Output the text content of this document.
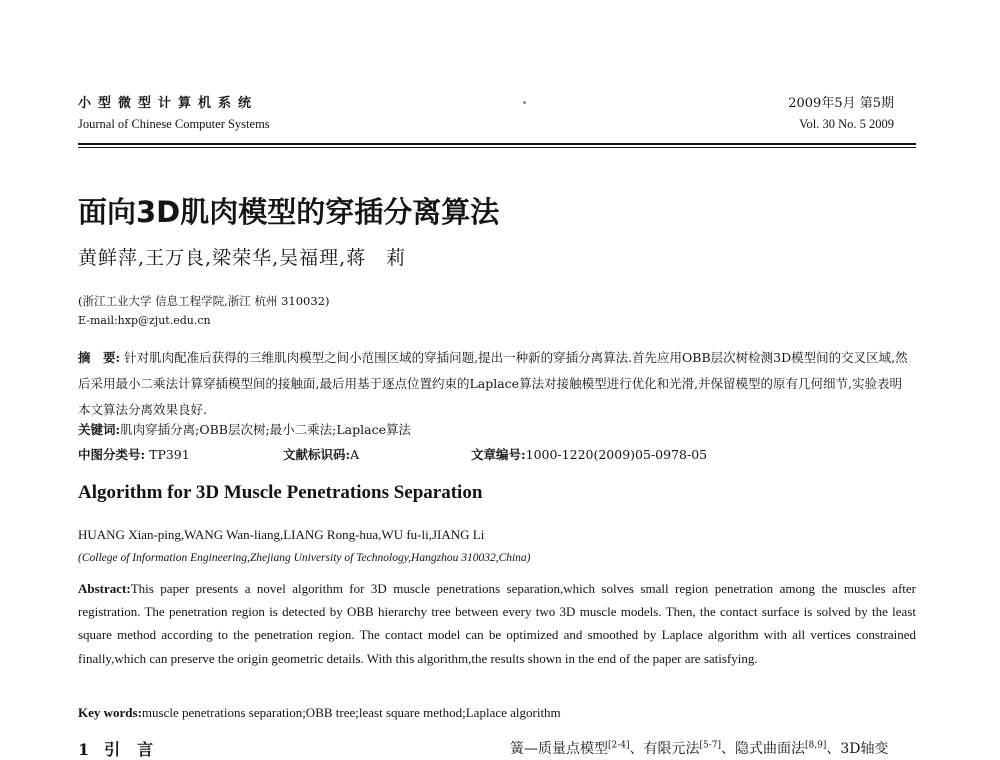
小型微型计算机系统
Journal of Chinese Computer Systems
2009年5月 第5期
Vol. 30 No. 5 2009
面向3D肌肉模型的穿插分离算法
黄鲜萍,王万良,梁荣华,吴福理,蒋　莉
(浙江工业大学 信息工程学院,浙江 杭州 310032)
E-mail:hxp@zjut.edu.cn
摘　要: 针对肌肉配准后获得的三维肌肉模型之间小范围区域的穿插问题,提出一种新的穿插分离算法.首先应用OBB层次树检测3D模型间的交叉区域,然后采用最小二乘法计算穿插模型间的接触面,最后用基于逐点位置约束的Laplace算法对接触模型进行优化和光滑,并保留模型的原有几何细节,实验表明本文算法分离效果良好.
关键词:肌肉穿插分离;OBB层次树;最小二乘法;Laplace算法
中图分类号: TP391	文献标识码:A	文章编号:1000-1220(2009)05-0978-05
Algorithm for 3D Muscle Penetrations Separation
HUANG Xian-ping,WANG Wan-liang,LIANG Rong-hua,WU fu-li,JIANG Li
(College of Information Engineering,Zhejiang University of Technology,Hangzhou 310032,China)
Abstract:This paper presents a novel algorithm for 3D muscle penetrations separation,which solves small region penetration among the muscles after registration. The penetration region is detected by OBB hierarchy tree between every two 3D muscle models. Then, the contact surface is solved by the least square method according to the penetration region. The contact model can be optimized and smoothed by Laplace algorithm with all vertices constrained finally,which can preserve the origin geometric details. With this algorithm,the results shown in the end of the paper are satisfying.
Key words:muscle penetrations separation;OBB tree;least square method;Laplace algorithm
1 引 言	簧—质量点模型[2-4]、有限元法[5-7]、隐式曲面法[8,9]、3D轴变
